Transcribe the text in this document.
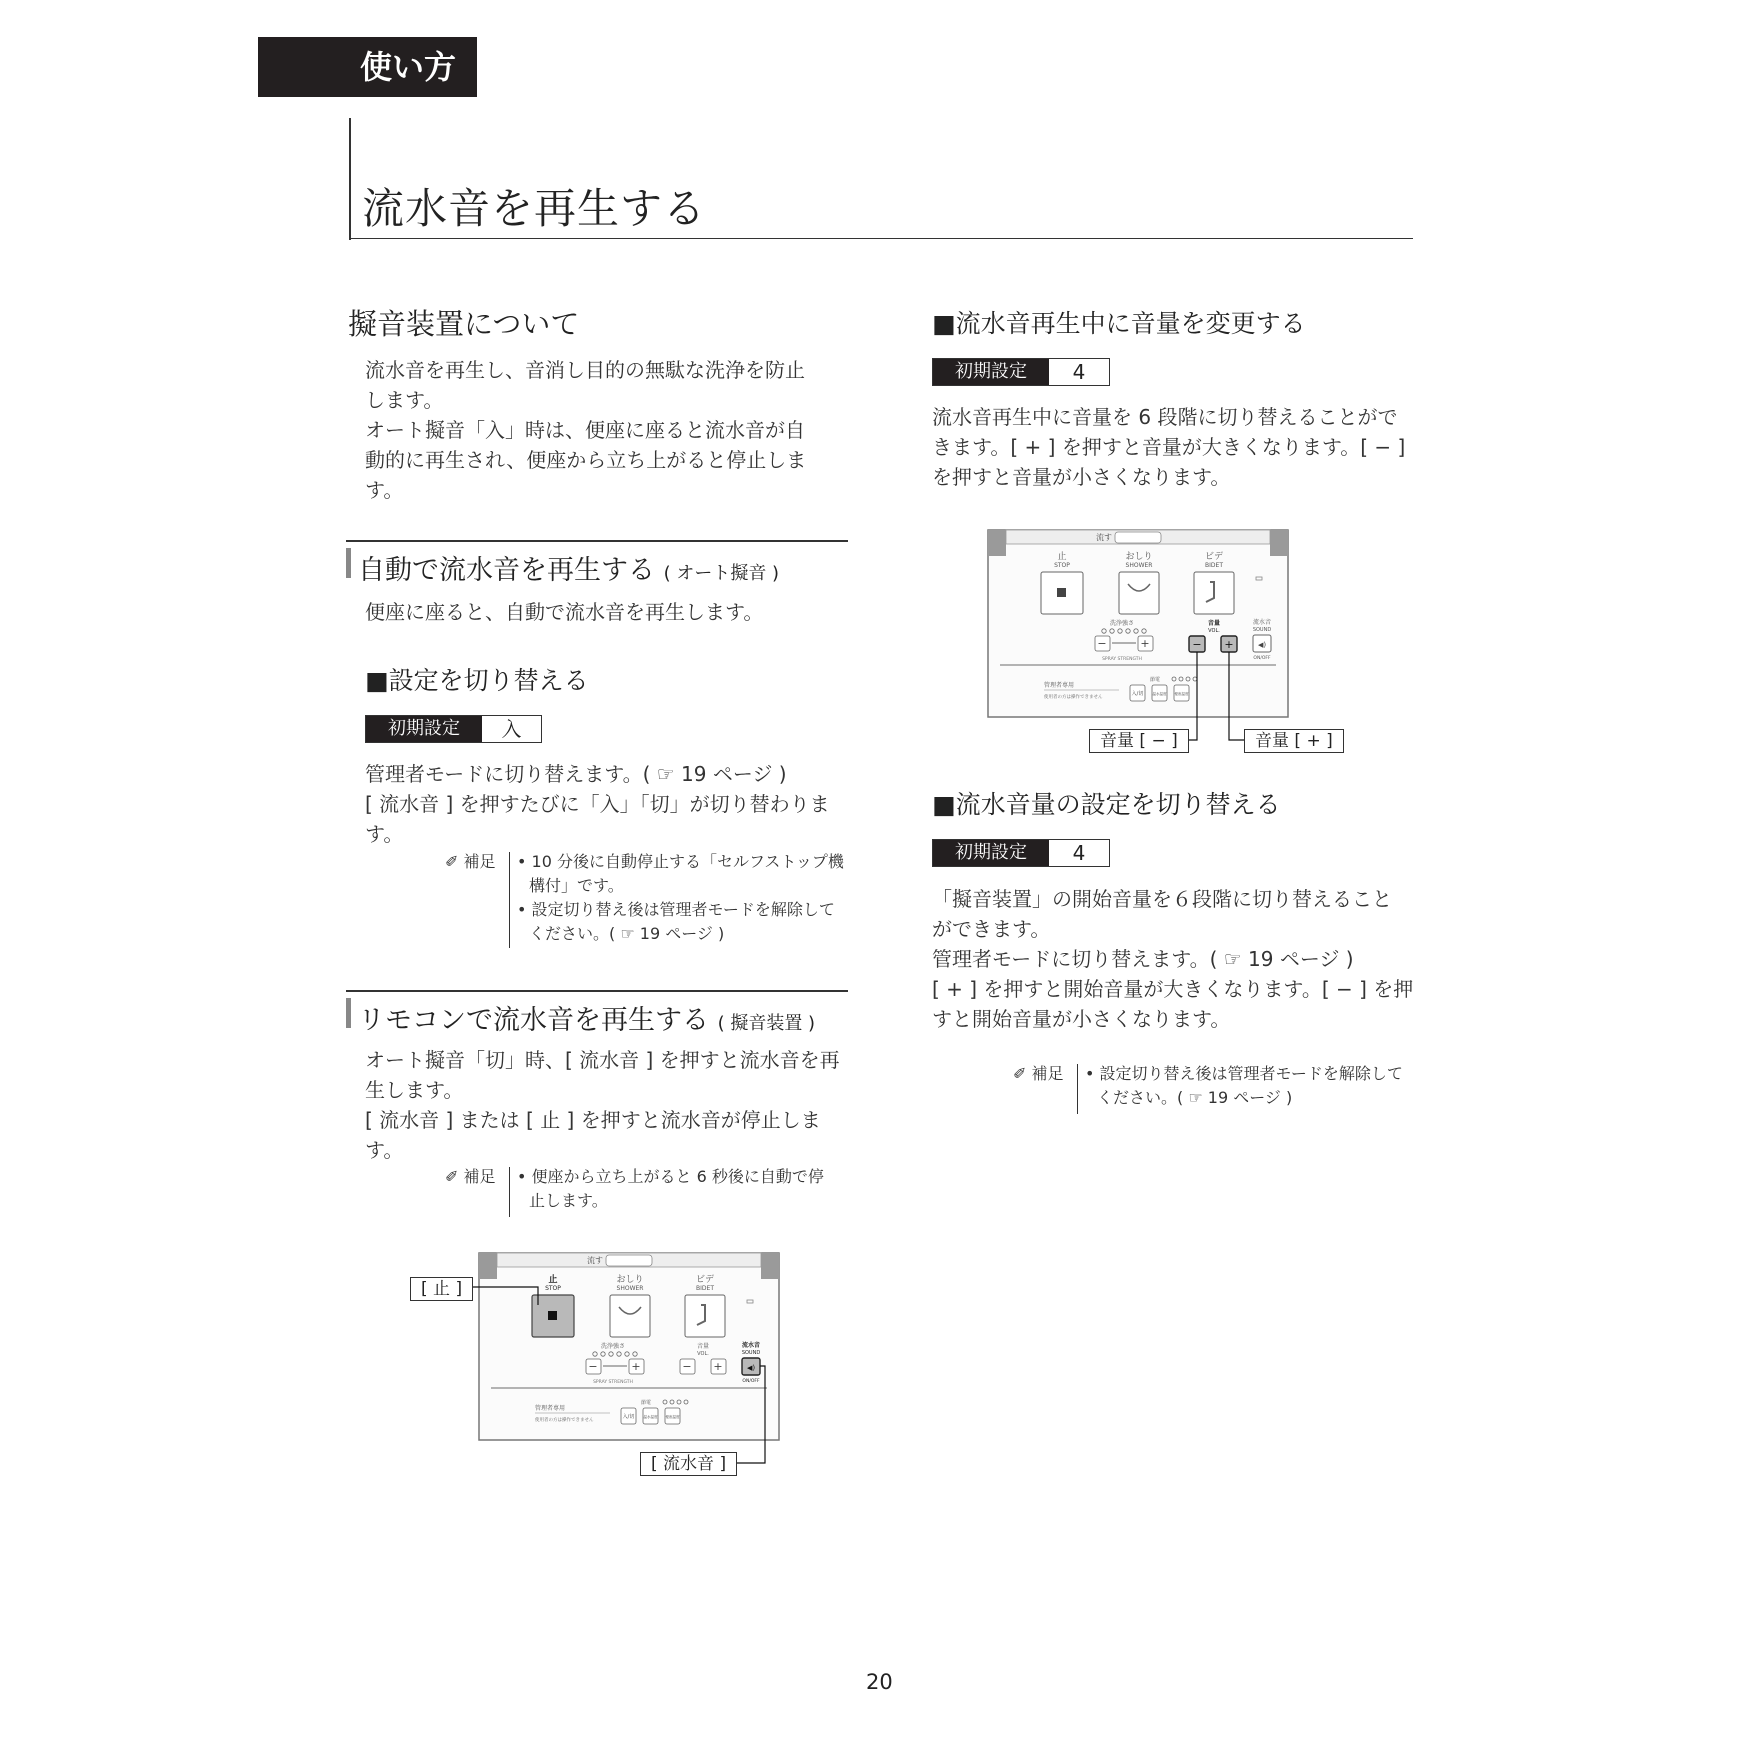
使い方
流水音を再生する
擬音装置について
流水音を再生し、音消し目的の無駄な洗浄を防止
します。
オート擬音「入」時は、便座に座ると流水音が自
動的に再生され、便座から立ち上がると停止しま
す。
自動で流水音を再生する ( オート擬音 )
便座に座ると、自動で流水音を再生します。
■設定を切り替える
初期設定	入
管理者モードに切り替えます。( ☞ 19 ページ )
[ 流水音 ] を押すたびに「入」「切」が切り替わります。
✐ 補足 • 10 分後に自動停止する「セルフストップ機
構付」です。
• 設定切り替え後は管理者モードを解除して
ください。( ☞ 19 ページ )
リモコンで流水音を再生する ( 擬音装置 )
オート擬音「切」時、[ 流水音 ] を押すと流水音を再
生します。
[ 流水音 ] または [ 止 ] を押すと流水音が停止します。
✐ 補足 • 便座から立ち上がると 6 秒後に自動で停
止します。
流す
止
STOP
おしり
SHOWER
ビデ
BIDET
洗浄強さ
−	+
SPRAY STRENGTH
音量
VOL.
− +
流水音
SOUND
◀)
ON/OFF
管理者専用
使用者の方は操作できません
節電
入/切	温水温度 便座温度
[ 止 ]
[ 流水音 ]
■流水音再生中に音量を変更する
初期設定	4
流水音再生中に音量を 6 段階に切り替えることがで
きます。[ + ] を押すと音量が大きくなります。[ − ]
を押すと音量が小さくなります。
流す
止
STOP
おしり
SHOWER
ビデ
BIDET
洗浄強さ
−	+
SPRAY STRENGTH
音量
VOL.
− +
流水音
SOUND
◀)
ON/OFF
管理者専用
使用者の方は操作できません
節電
入/切	温水温度 便座温度
音量 [ − ]	音量 [ + ]
■流水音量の設定を切り替える
初期設定	4
「擬音装置」の開始音量を６段階に切り替えること
ができます。
管理者モードに切り替えます。( ☞ 19 ページ )
[ + ] を押すと開始音量が大きくなります。[ − ] を押
すと開始音量が小さくなります。
✐ 補足 • 設定切り替え後は管理者モードを解除して
ください。( ☞ 19 ページ )
20
